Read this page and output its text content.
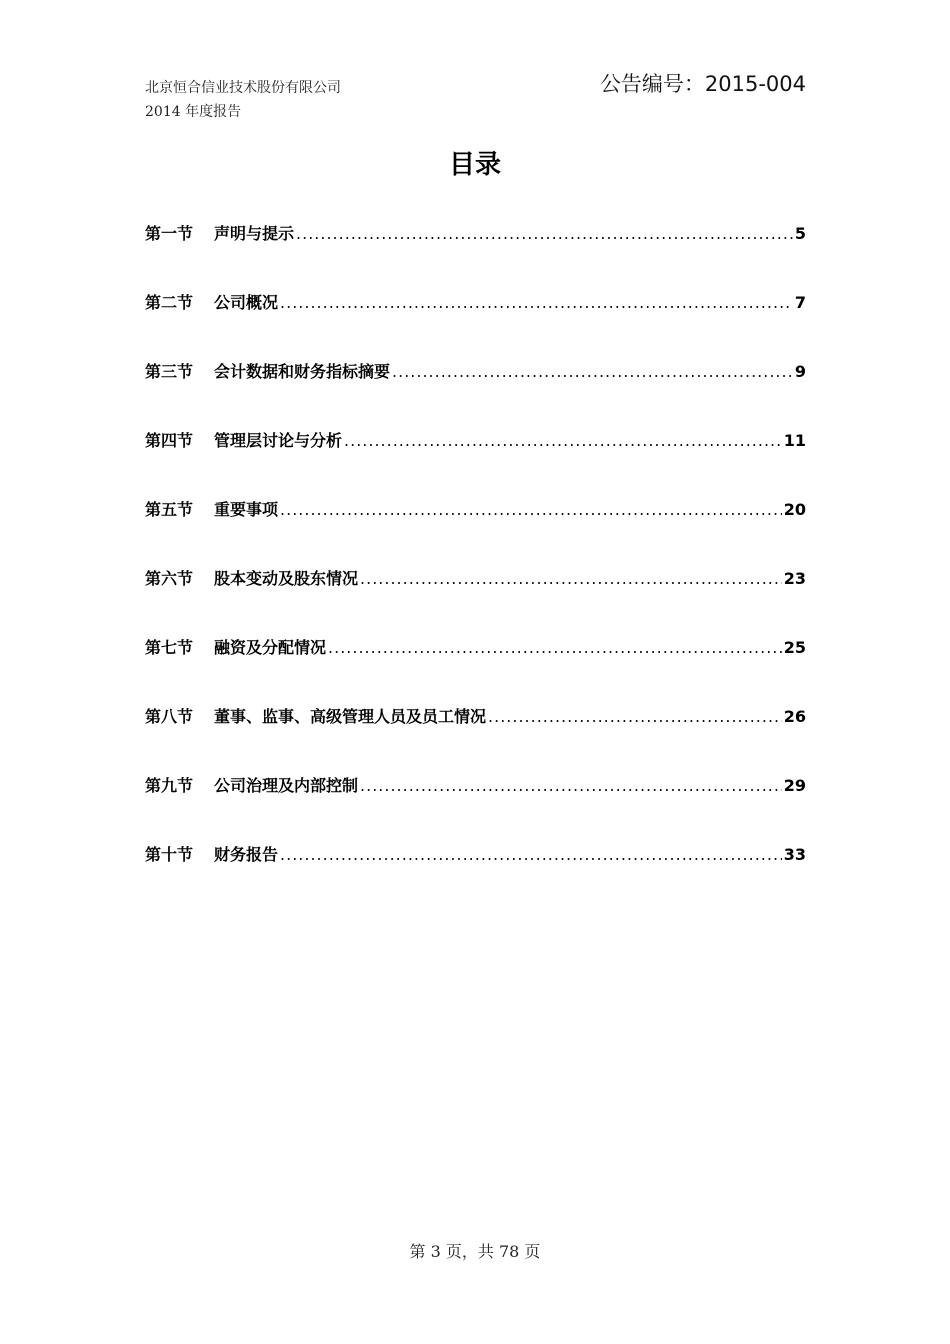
北京恒合信业技术股份有限公司
2014 年度报告
公告编号：2015-004
目录
第一节	声明与提示 .....	5
第二节	公司概况 .....	7
第三节	会计数据和财务指标摘要 .....	9
第四节	管理层讨论与分析 .....	11
第五节	重要事项 .....	20
第六节	股本变动及股东情况 .....	23
第七节	融资及分配情况 .....	25
第八节	董事、监事、高级管理人员及员工情况 .....	26
第九节	公司治理及内部控制 .....	29
第十节	财务报告 .....	33
第 3 页，共 78 页
